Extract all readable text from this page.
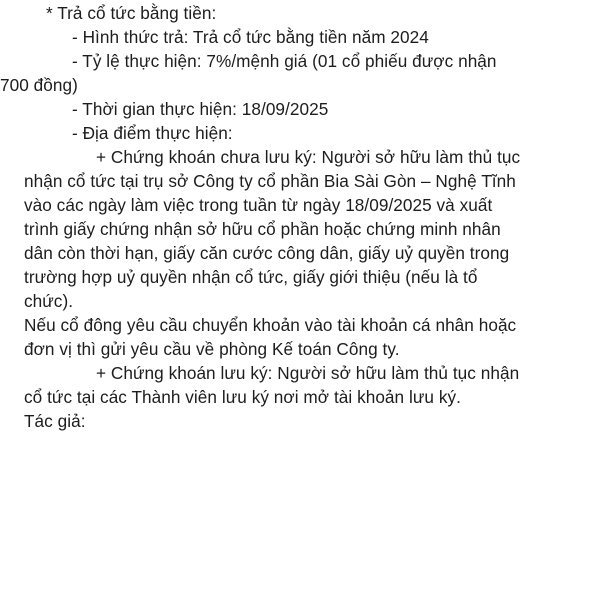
* Trả cổ tức bằng tiền:
- Hình thức trả: Trả cổ tức bằng tiền năm 2024
- Tỷ lệ thực hiện: 7%/mệnh giá (01 cổ phiếu được nhận
700 đồng)
- Thời gian thực hiện: 18/09/2025
- Địa điểm thực hiện:
+ Chứng khoán chưa lưu ký: Người sở hữu làm thủ tục
nhận cổ tức tại trụ sở Công ty cổ phần Bia Sài Gòn – Nghệ Tĩnh
vào các ngày làm việc trong tuần từ ngày 18/09/2025 và xuất
trình giấy chứng nhận sở hữu cổ phần hoặc chứng minh nhân
dân còn thời hạn, giấy căn cước công dân, giấy uỷ quyền trong
trường hợp uỷ quyền nhận cổ tức, giấy giới thiệu (nếu là tổ
chức).
Nếu cổ đông yêu cầu chuyển khoản vào tài khoản cá nhân hoặc
đơn vị thì gửi yêu cầu về phòng Kế toán Công ty.
+ Chứng khoán lưu ký: Người sở hữu làm thủ tục nhận
cổ tức tại các Thành viên lưu ký nơi mở tài khoản lưu ký.
Tác giả:
